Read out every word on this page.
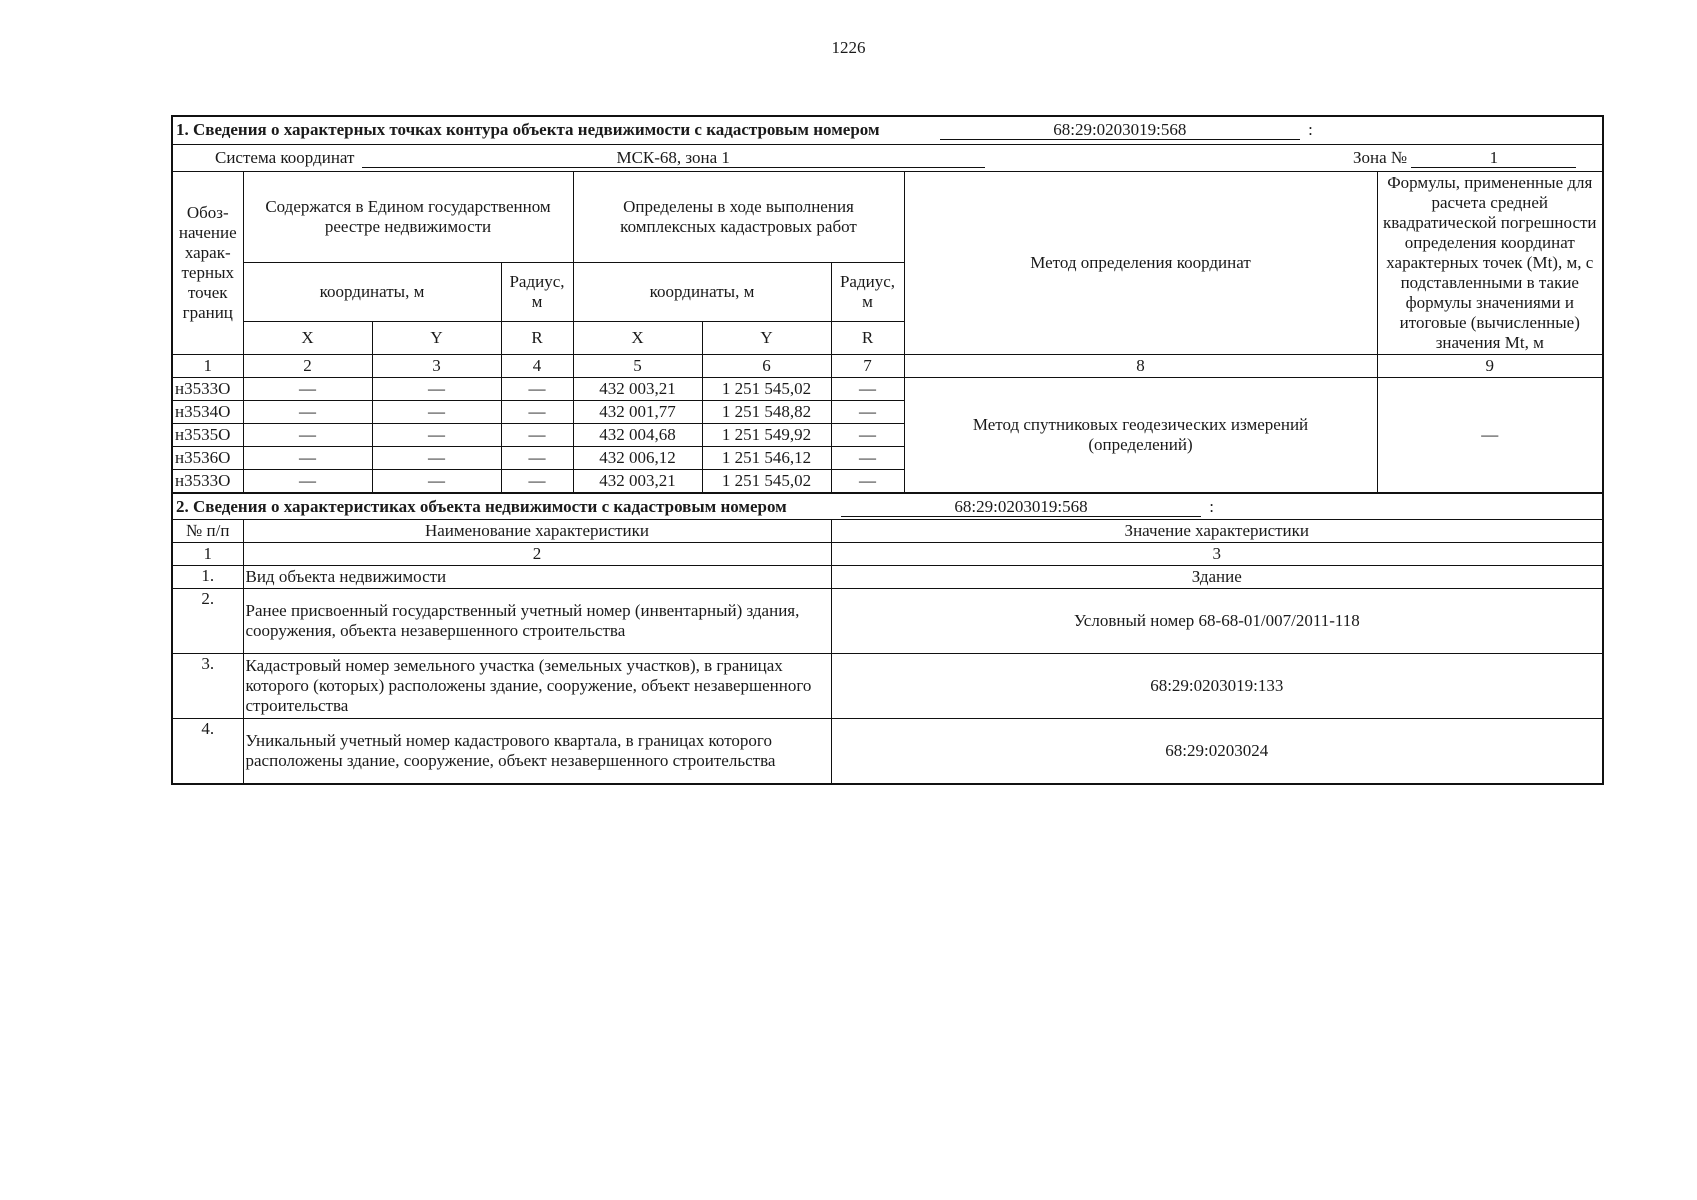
1226
1. Сведения о характерных точках контура объекта недвижимости с кадастровым номером 68:29:0203019:568 :								
Система координат МСК-68, зона 1 Зона № 1								
Обоз-начение харак-терных точек границ	Содержатся в Едином государственном реестре недвижимости			Определены в ходе выполнения комплексных кадастровых работ			Метод определения координат	Формулы, примененные для расчета средней квадратической погрешности определения координат характерных точек (Mt), м, с подставленными в такие формулы значениями и итоговые (вычисленные) значения Mt, м
	координаты, м		Радиус, м	координаты, м		Радиус, м		
	X	Y	R	X	Y	R		
1	2	3	4	5	6	7	8	9
н3533О	—	—	—	432 003,21	1 251 545,02	—	Метод спутниковых геодезических измерений (определений)	—
н3534О	—	—	—	432 001,77	1 251 548,82	—		
н3535О	—	—	—	432 004,68	1 251 549,92	—		
н3536О	—	—	—	432 006,12	1 251 546,12	—		
н3533О	—	—	—	432 003,21	1 251 545,02	—		
2. Сведения о характеристиках объекта недвижимости с кадастровым номером 68:29:0203019:568 :								
№ п/п	Наименование характеристики					Значение характеристики		
1	2					3		
1.	Вид объекта недвижимости					Здание		
2.	Ранее присвоенный государственный учетный номер (инвентарный) здания, сооружения, объекта незавершенного строительства					Условный номер 68-68-01/007/2011-118		
3.	Кадастровый номер земельного участка (земельных участков), в границах которого (которых) расположены здание, сооружение, объект незавершенного строительства					68:29:0203019:133		
4.	Уникальный учетный номер кадастрового квартала, в границах которого расположены здание, сооружение, объект незавершенного строительства					68:29:0203024		
